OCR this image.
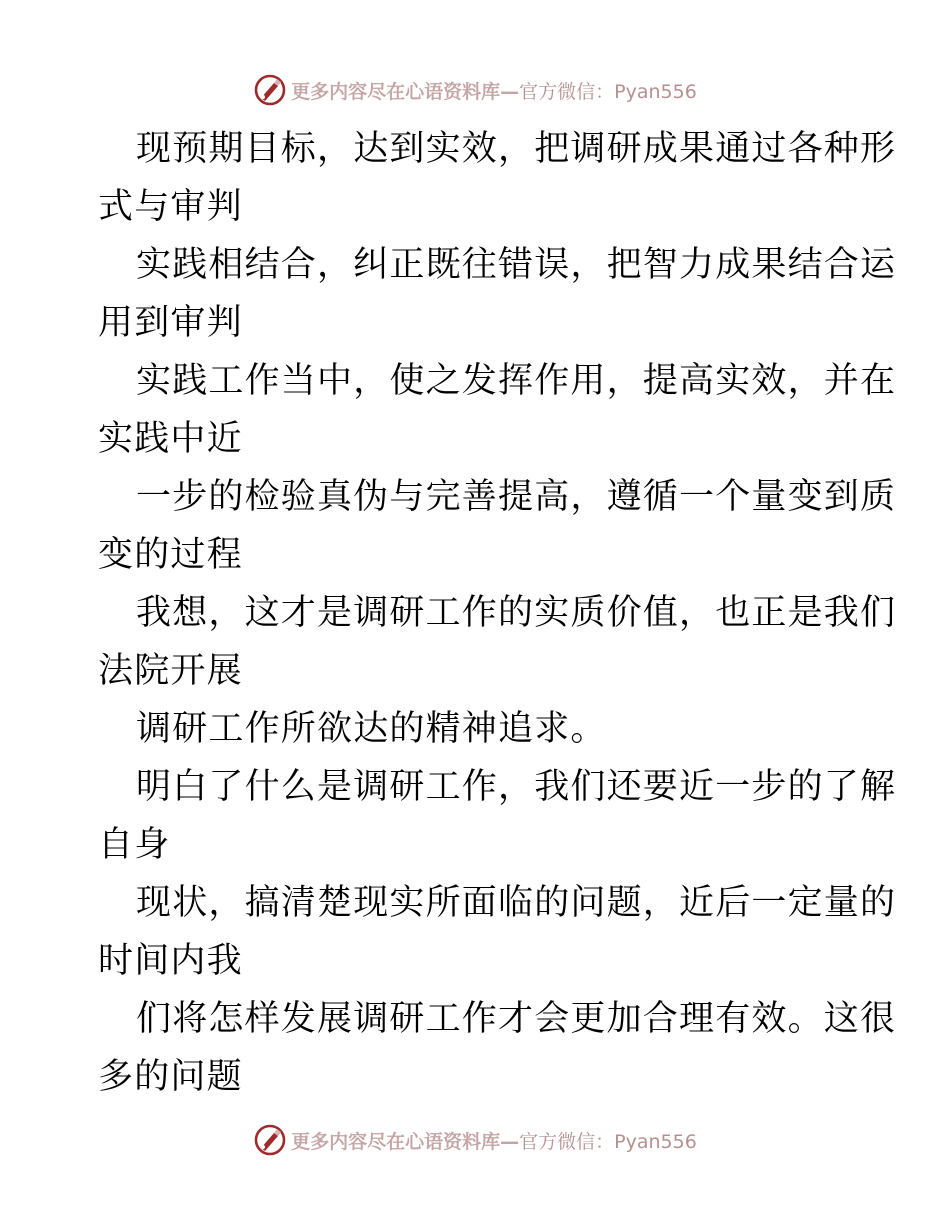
更多内容尽在心语资料库—官方微信：Pyan556
现预期目标，达到实效，把调研成果通过各种形
式与审判
实践相结合，纠正既往错误，把智力成果结合运
用到审判
实践工作当中，使之发挥作用，提高实效，并在
实践中近
一步的检验真伪与完善提高，遵循一个量变到质
变的过程
我想，这才是调研工作的实质价值，也正是我们
法院开展
调研工作所欲达的精神追求。
明白了什么是调研工作，我们还要近一步的了解
自身
现状，搞清楚现实所面临的问题，近后一定量的
时间内我
们将怎样发展调研工作才会更加合理有效。这很
多的问题
更多内容尽在心语资料库—官方微信：Pyan556
